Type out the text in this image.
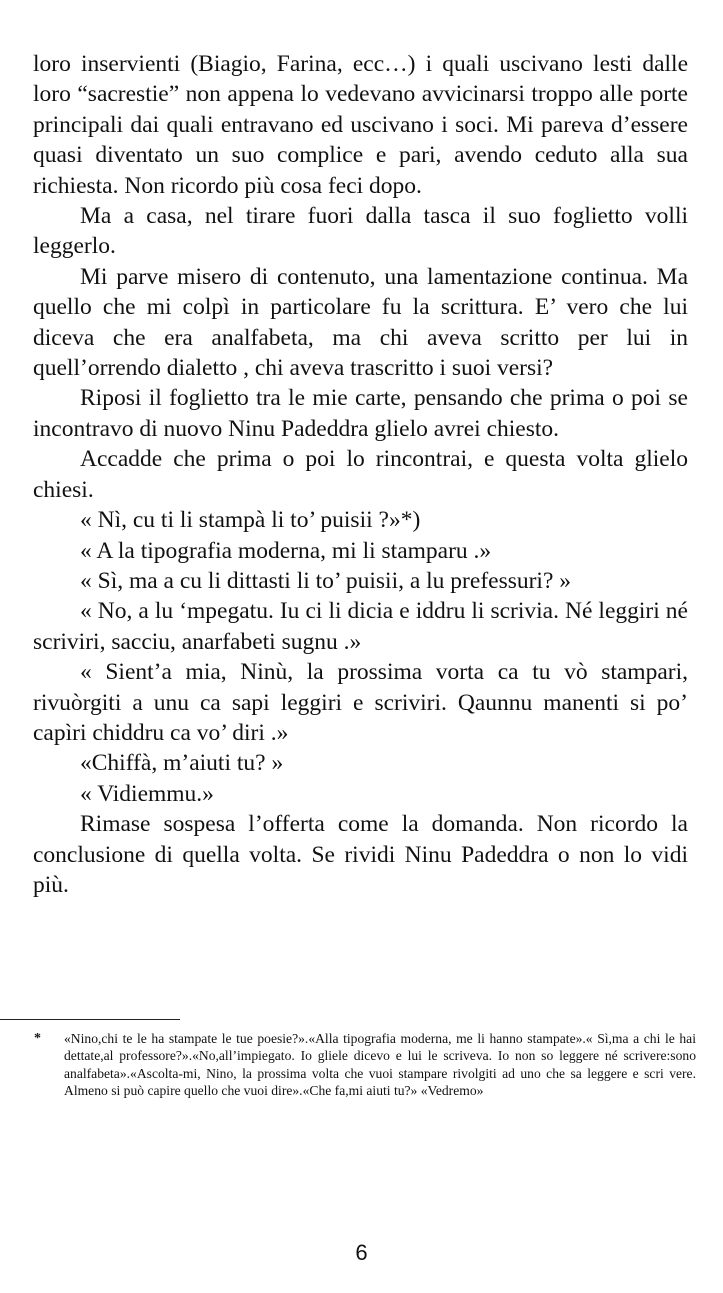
loro inservienti (Biagio, Farina, ecc…) i quali uscivano lesti dalle loro “sacrestie” non appena lo vedevano avvicinarsi troppo alle porte principali dai quali entravano ed uscivano i soci. Mi pareva d’essere quasi diventato un suo complice e pari, avendo ceduto alla sua richiesta. Non ricordo più cosa feci dopo.

Ma a casa, nel tirare fuori dalla tasca il suo foglietto volli leggerlo.

Mi parve misero di contenuto, una lamentazione continua. Ma quello che mi colpì in particolare fu la scrittura. E’ vero che lui diceva che era analfabeta, ma chi aveva scritto per lui in quell’orrendo dialetto , chi aveva trascritto i suoi versi?

Riposi il foglietto tra le mie carte, pensando che prima o poi se incontravo di nuovo Ninu Padeddra glielo avrei chiesto.

Accadde che prima o poi lo rincontrai, e questa volta glielo chiesi.

« Nì, cu ti li stampà li to’ puisii ?»*)

« A la tipografia moderna, mi li stamparu .»

« Sì, ma a cu li dittasti li to’ puisii, a lu prefessuri? »

« No, a lu ‘mpegatu. Iu ci li dicia e iddru li scrivia. Né leggiri né scriviri, sacciu, anarfabeti sugnu .»

« Sient’a mia, Ninù, la prossima vorta ca tu vò stampari, rivuòrgiti a unu ca sapi leggiri e scriviri. Qaunnu manenti si po’ capìri chiddru ca vo’ diri .»

«Chiffà, m’aiuti tu? »

« Vidiemmu.»

Rimase sospesa l’offerta come la domanda. Non ricordo la conclusione di quella volta. Se rividi Ninu Padeddra o non lo vidi più.

*	«Nino,chi te le ha stampate le tue poesie?».«Alla tipografia moderna, me li hanno stampate».« Sì,ma a chi le hai dettate,al professore?».«No,all’impiegato. Io gliele dicevo e lui le scriveva. Io non so leggere né scrivere:sono analfabeta».«Ascolta-mi, Nino, la prossima volta che vuoi stampare rivolgiti ad uno che sa leggere e scri vere. Almeno si può capire quello che vuoi dire».«Che fa,mi aiuti tu?» «Vedremo»
6
